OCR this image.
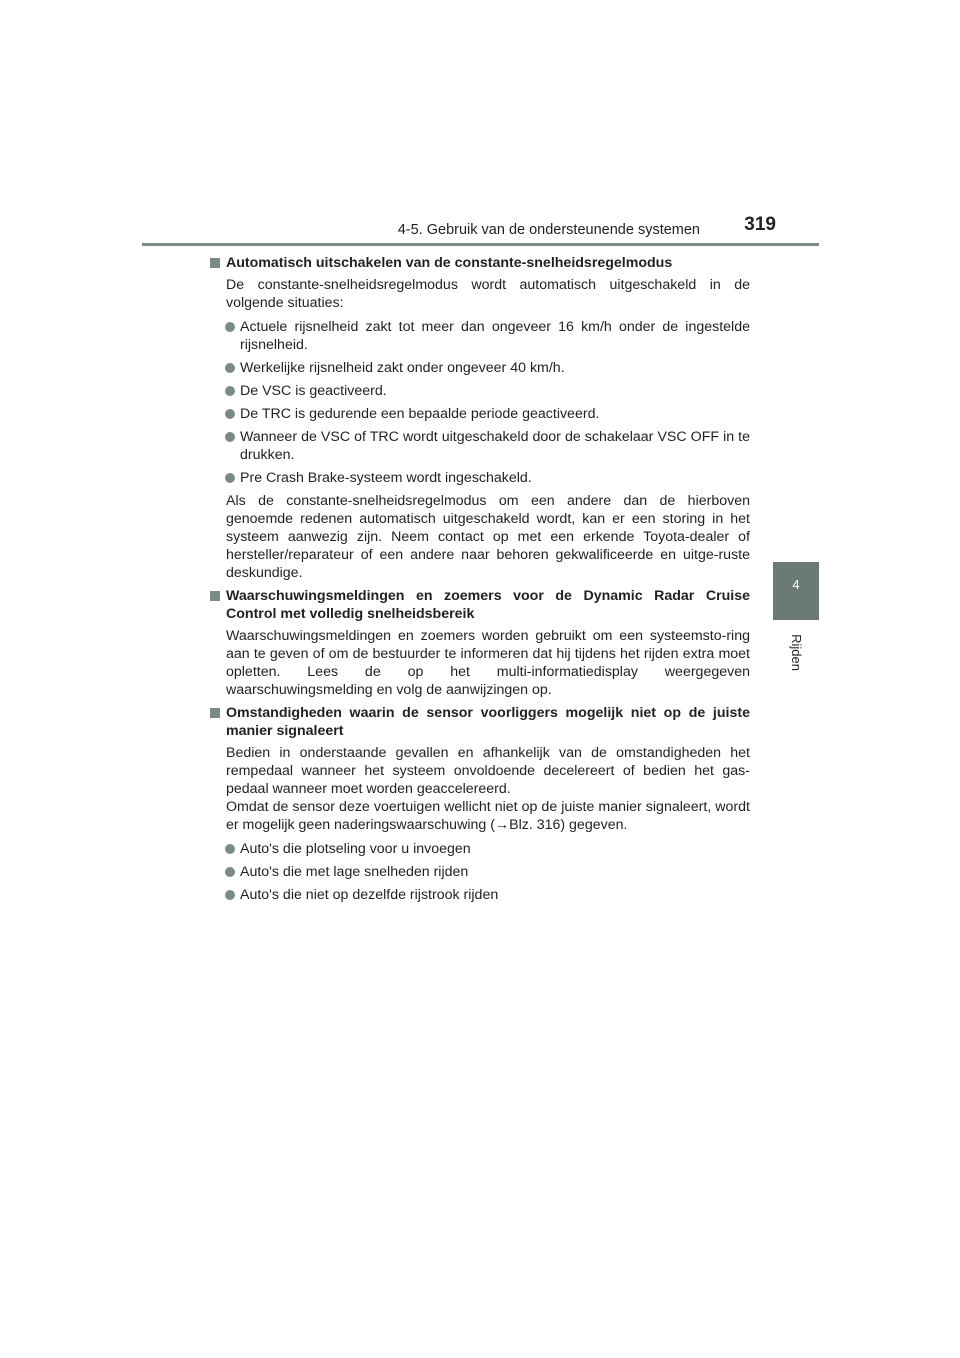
4-5. Gebruik van de ondersteunende systemen	319
4
Rijden
Automatisch uitschakelen van de constante-snelheidsregelmodus

De constante-snelheidsregelmodus wordt automatisch uitgeschakeld in de volgende situaties:

Actuele rijsnelheid zakt tot meer dan ongeveer 16 km/h onder de ingestelde rijsnelheid.
Werkelijke rijsnelheid zakt onder ongeveer 40 km/h.
De VSC is geactiveerd.
De TRC is gedurende een bepaalde periode geactiveerd.
Wanneer de VSC of TRC wordt uitgeschakeld door de schakelaar VSC OFF in te drukken.
Pre Crash Brake-systeem wordt ingeschakeld.

Als de constante-snelheidsregelmodus om een andere dan de hierboven genoemde redenen automatisch uitgeschakeld wordt, kan er een storing in het systeem aanwezig zijn. Neem contact op met een erkende Toyota-dealer of hersteller/reparateur of een andere naar behoren gekwalificeerde en uitge-ruste deskundige.

Waarschuwingsmeldingen en zoemers voor de Dynamic Radar Cruise Control met volledig snelheidsbereik

Waarschuwingsmeldingen en zoemers worden gebruikt om een systeemsto-ring aan te geven of om de bestuurder te informeren dat hij tijdens het rijden extra moet opletten. Lees de op het multi-informatiedisplay weergegeven waarschuwingsmelding en volg de aanwijzingen op.

Omstandigheden waarin de sensor voorliggers mogelijk niet op de juiste manier signaleert

Bedien in onderstaande gevallen en afhankelijk van de omstandigheden het rempedaal wanneer het systeem onvoldoende decelereert of bedien het gas-pedaal wanneer moet worden geaccelereerd.

Omdat de sensor deze voertuigen wellicht niet op de juiste manier signaleert, wordt er mogelijk geen naderingswaarschuwing (→Blz. 316) gegeven.

Auto's die plotseling voor u invoegen
Auto's die met lage snelheden rijden
Auto's die niet op dezelfde rijstrook rijden
